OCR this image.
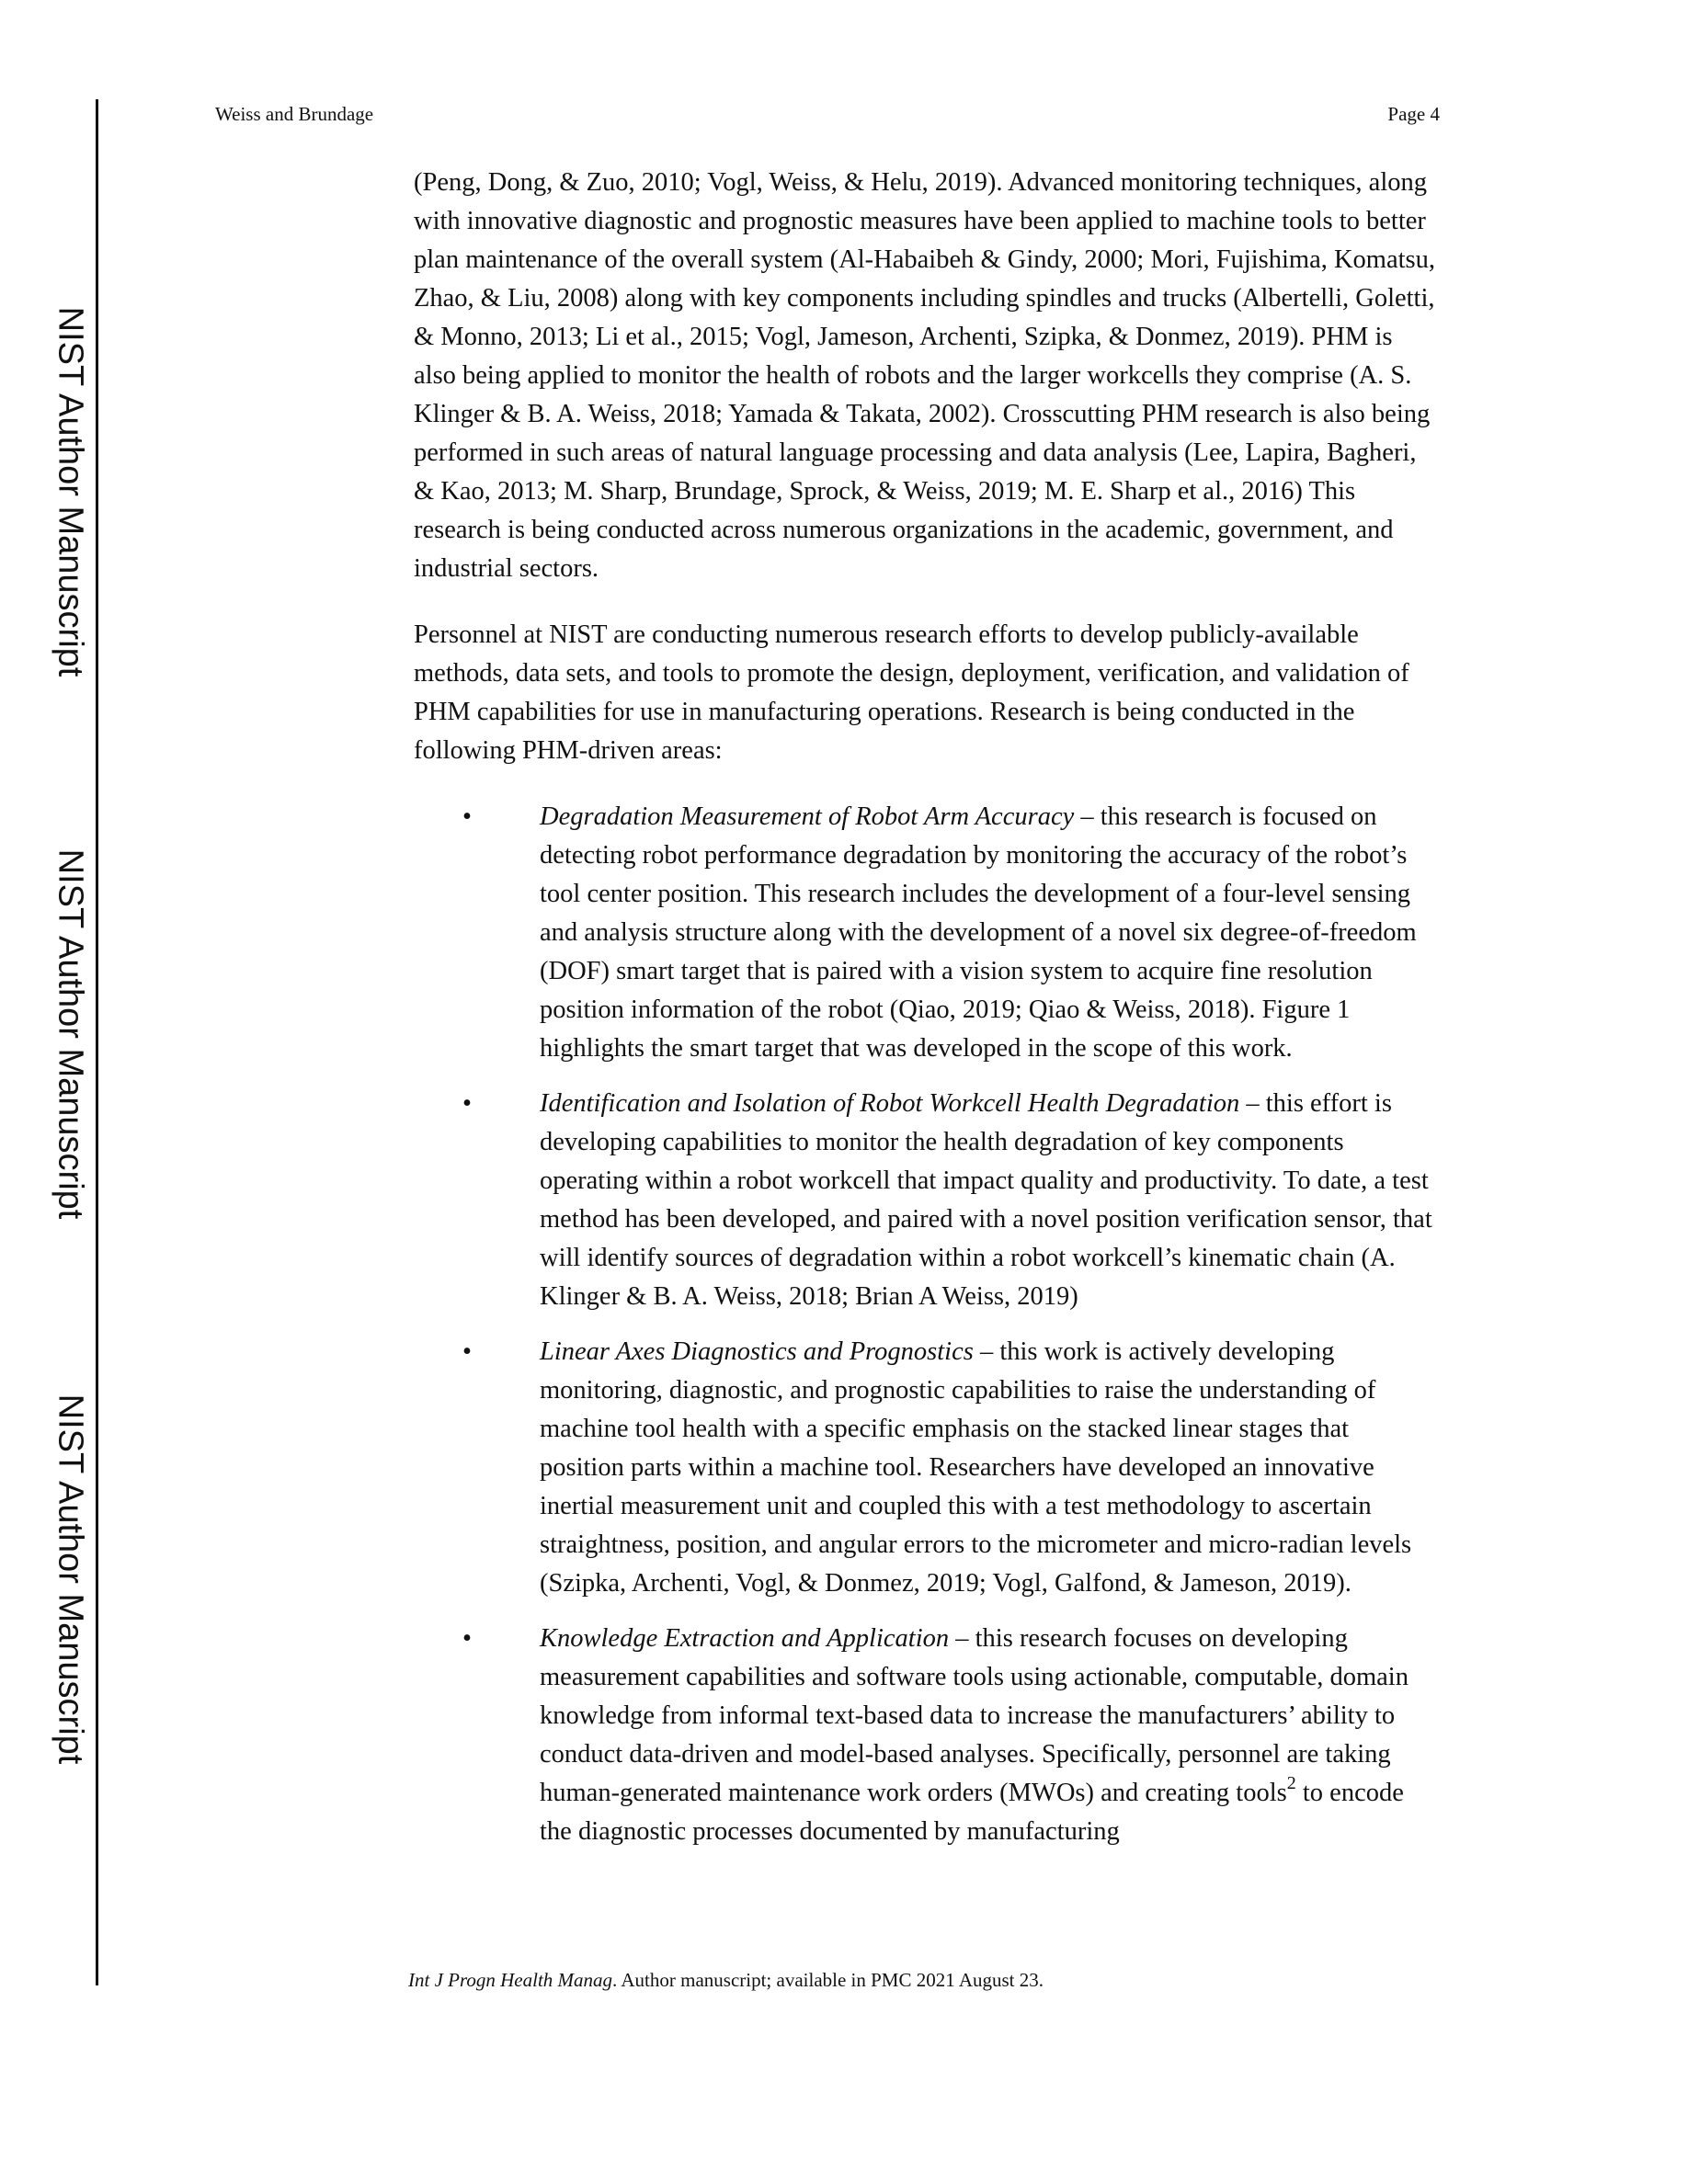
NIST Author Manuscript
NIST Author Manuscript
NIST Author Manuscript
Weiss and Brundage	Page 4

(Peng, Dong, & Zuo, 2010; Vogl, Weiss, & Helu, 2019). Advanced monitoring techniques, along with innovative diagnostic and prognostic measures have been applied to machine tools to better plan maintenance of the overall system (Al-Habaibeh & Gindy, 2000; Mori, Fujishima, Komatsu, Zhao, & Liu, 2008) along with key components including spindles and trucks (Albertelli, Goletti, & Monno, 2013; Li et al., 2015; Vogl, Jameson, Archenti, Szipka, & Donmez, 2019). PHM is also being applied to monitor the health of robots and the larger workcells they comprise (A. S. Klinger & B. A. Weiss, 2018; Yamada & Takata, 2002). Crosscutting PHM research is also being performed in such areas of natural language processing and data analysis (Lee, Lapira, Bagheri, & Kao, 2013; M. Sharp, Brundage, Sprock, & Weiss, 2019; M. E. Sharp et al., 2016) This research is being conducted across numerous organizations in the academic, government, and industrial sectors.

Personnel at NIST are conducting numerous research efforts to develop publicly-available methods, data sets, and tools to promote the design, deployment, verification, and validation of PHM capabilities for use in manufacturing operations. Research is being conducted in the following PHM-driven areas:

•	Degradation Measurement of Robot Arm Accuracy – this research is focused on detecting robot performance degradation by monitoring the accuracy of the robot’s tool center position. This research includes the development of a four-level sensing and analysis structure along with the development of a novel six degree-of-freedom (DOF) smart target that is paired with a vision system to acquire fine resolution position information of the robot (Qiao, 2019; Qiao & Weiss, 2018). Figure 1 highlights the smart target that was developed in the scope of this work.
•	Identification and Isolation of Robot Workcell Health Degradation – this effort is developing capabilities to monitor the health degradation of key components operating within a robot workcell that impact quality and productivity. To date, a test method has been developed, and paired with a novel position verification sensor, that will identify sources of degradation within a robot workcell’s kinematic chain (A. Klinger & B. A. Weiss, 2018; Brian A Weiss, 2019)
•	Linear Axes Diagnostics and Prognostics – this work is actively developing monitoring, diagnostic, and prognostic capabilities to raise the understanding of machine tool health with a specific emphasis on the stacked linear stages that position parts within a machine tool. Researchers have developed an innovative inertial measurement unit and coupled this with a test methodology to ascertain straightness, position, and angular errors to the micrometer and micro-radian levels (Szipka, Archenti, Vogl, & Donmez, 2019; Vogl, Galfond, & Jameson, 2019).
•	Knowledge Extraction and Application – this research focuses on developing measurement capabilities and software tools using actionable, computable, domain knowledge from informal text-based data to increase the manufacturers’ ability to conduct data-driven and model-based analyses. Specifically, personnel are taking human-generated maintenance work orders (MWOs) and creating tools$^2$ to encode the diagnostic processes documented by manufacturing
Int J Progn Health Manag. Author manuscript; available in PMC 2021 August 23.
